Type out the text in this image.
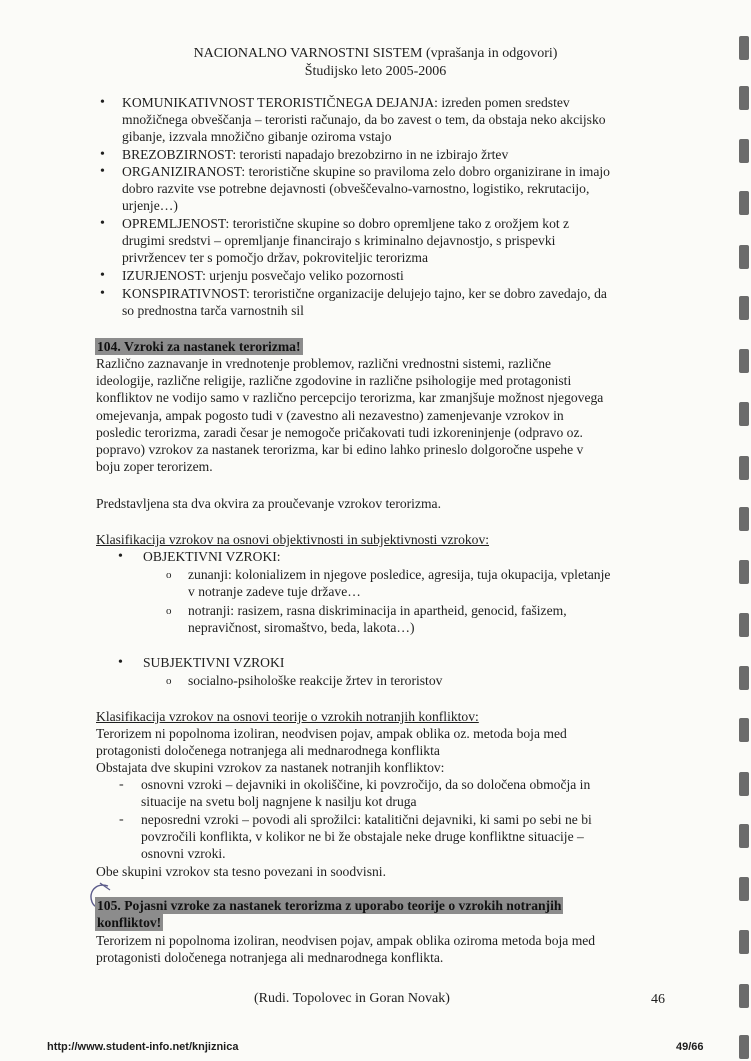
NACIONALNO VARNOSTNI SISTEM (vprašanja in odgovori)
Študijsko leto 2005-2006
• KOMUNIKATIVNOST TERORISTIČNEGA DEJANJA: izreden pomen sredstev
množičnega obveščanja – teroristi računajo, da bo zavest o tem, da obstaja neko akcijsko
gibanje, izzvala množično gibanje oziroma vstajo
• BREZOBZIRNOST: teroristi napadajo brezobzirno in ne izbirajo žrtev
• ORGANIZIRANOST: teroristične skupine so praviloma zelo dobro organizirane in imajo
dobro razvite vse potrebne dejavnosti (obveščevalno-varnostno, logistiko, rekrutacijo,
urjenje…)
• OPREMLJENOST: teroristične skupine so dobro opremljene tako z orožjem kot z
drugimi sredstvi – opremljanje financirajo s kriminalno dejavnostjo, s prispevki
privržencev ter s pomočjo držav, pokroviteljic terorizma
• IZURJENOST: urjenju posvečajo veliko pozornosti
• KONSPIRATIVNOST: teroristične organizacije delujejo tajno, ker se dobro zavedajo, da
so prednostna tarča varnostnih sil
104. Vzroki za nastanek terorizma!
Različno zaznavanje in vrednotenje problemov, različni vrednostni sistemi, različne
ideologije, različne religije, različne zgodovine in različne psihologije med protagonisti
konfliktov ne vodijo samo v različno percepcijo terorizma, kar zmanjšuje možnost njegovega
omejevanja, ampak pogosto tudi v (zavestno ali nezavestno) zamenjevanje vzrokov in
posledic terorizma, zaradi česar je nemogoče pričakovati tudi izkoreninjenje (odpravo oz.
popravo) vzrokov za nastanek terorizma, kar bi edino lahko prineslo dolgoročne uspehe v
boju zoper terorizem.
Predstavljena sta dva okvira za proučevanje vzrokov terorizma.
Klasifikacija vzrokov na osnovi objektivnosti in subjektivnosti vzrokov:
• OBJEKTIVNI VZROKI:
o zunanji: kolonializem in njegove posledice, agresija, tuja okupacija, vpletanje
v notranje zadeve tuje države…
o notranji: rasizem, rasna diskriminacija in apartheid, genocid, fašizem,
nepravičnost, siromaštvo, beda, lakota…)
• SUBJEKTIVNI VZROKI
o socialno-psihološke reakcije žrtev in teroristov
Klasifikacija vzrokov na osnovi teorije o vzrokih notranjih konfliktov:
Terorizem ni popolnoma izoliran, neodvisen pojav, ampak oblika oz. metoda boja med
protagonisti določenega notranjega ali mednarodnega konflikta
Obstajata dve skupini vzrokov za nastanek notranjih konfliktov:
- osnovni vzroki – dejavniki in okoliščine, ki povzročijo, da so določena območja in
situacije na svetu bolj nagnjene k nasilju kot druga
- neposredni vzroki – povodi ali sprožilci: katalitični dejavniki, ki sami po sebi ne bi
povzročili konflikta, v kolikor ne bi že obstajale neke druge konfliktne situacije –
osnovni vzroki.
Obe skupini vzrokov sta tesno povezani in soodvisni.
105. Pojasni vzroke za nastanek terorizma z uporabo teorije o vzrokih notranjih
konfliktov!
Terorizem ni popolnoma izoliran, neodvisen pojav, ampak oblika oziroma metoda boja med
protagonisti določenega notranjega ali mednarodnega konflikta.
(Rudi. Topolovec in Goran Novak)	46
http://www.student-info.net/knjiznica	49/66
